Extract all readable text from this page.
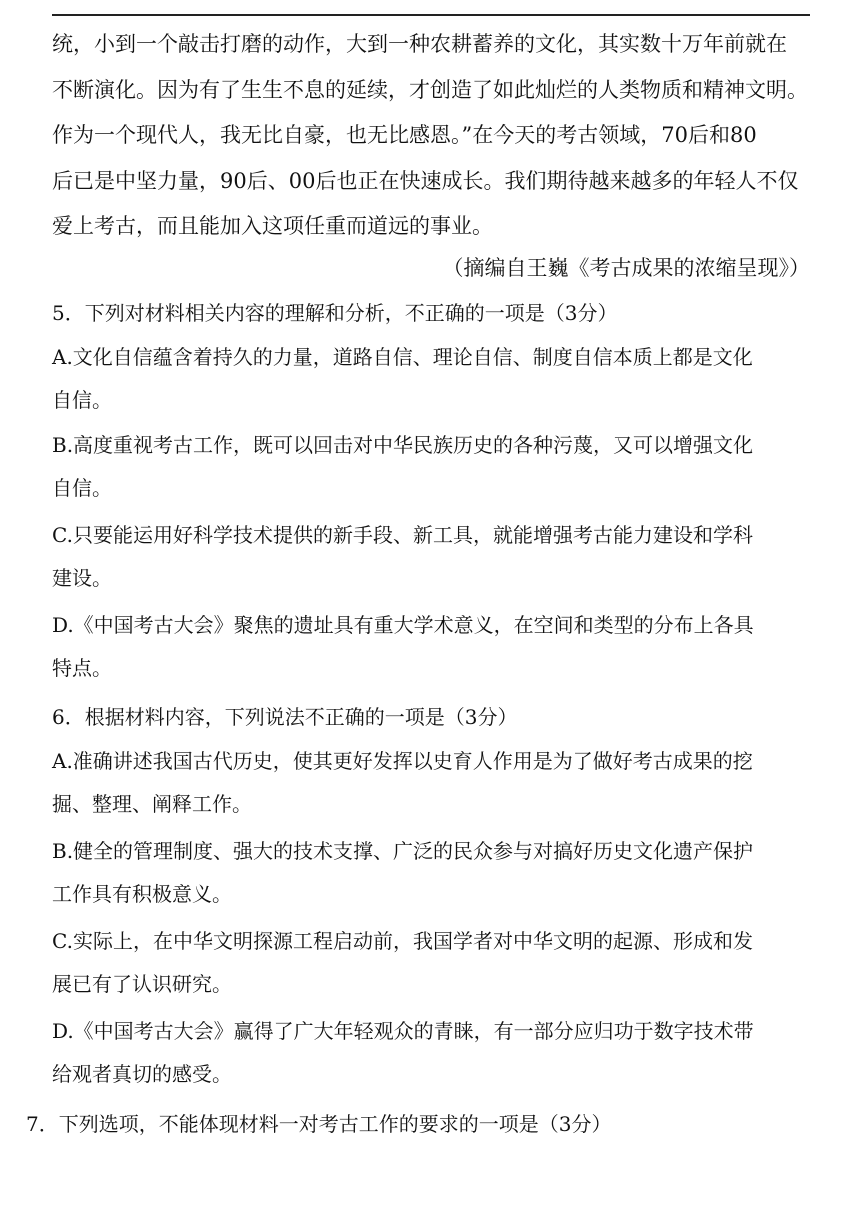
统，小到一个敲击打磨的动作，大到一种农耕蓄养的文化，其实数十万年前就在
不断演化。因为有了生生不息的延续，才创造了如此灿烂的人类物质和精神文明。
作为一个现代人，我无比自豪，也无比感恩。”在今天的考古领域，70后和80
后已是中坚力量，90后、00后也正在快速成长。我们期待越来越多的年轻人不仅
爱上考古，而且能加入这项任重而道远的事业。
（摘编自王巍《考古成果的浓缩呈现》）
5．下列对材料相关内容的理解和分析，不正确的一项是（3分）
A.文化自信蕴含着持久的力量，道路自信、理论自信、制度自信本质上都是文化
自信。
B.高度重视考古工作，既可以回击对中华民族历史的各种污蔑，又可以增强文化
自信。
C.只要能运用好科学技术提供的新手段、新工具，就能增强考古能力建设和学科
建设。
D.《中国考古大会》聚焦的遗址具有重大学术意义，在空间和类型的分布上各具
特点。
6．根据材料内容，下列说法不正确的一项是（3分）
A.准确讲述我国古代历史，使其更好发挥以史育人作用是为了做好考古成果的挖
掘、整理、阐释工作。
B.健全的管理制度、强大的技术支撑、广泛的民众参与对搞好历史文化遗产保护
工作具有积极意义。
C.实际上，在中华文明探源工程启动前，我国学者对中华文明的起源、形成和发
展已有了认识研究。
D.《中国考古大会》赢得了广大年轻观众的青睐，有一部分应归功于数字技术带
给观者真切的感受。
7．下列选项，不能体现材料一对考古工作的要求的一项是（3分）
